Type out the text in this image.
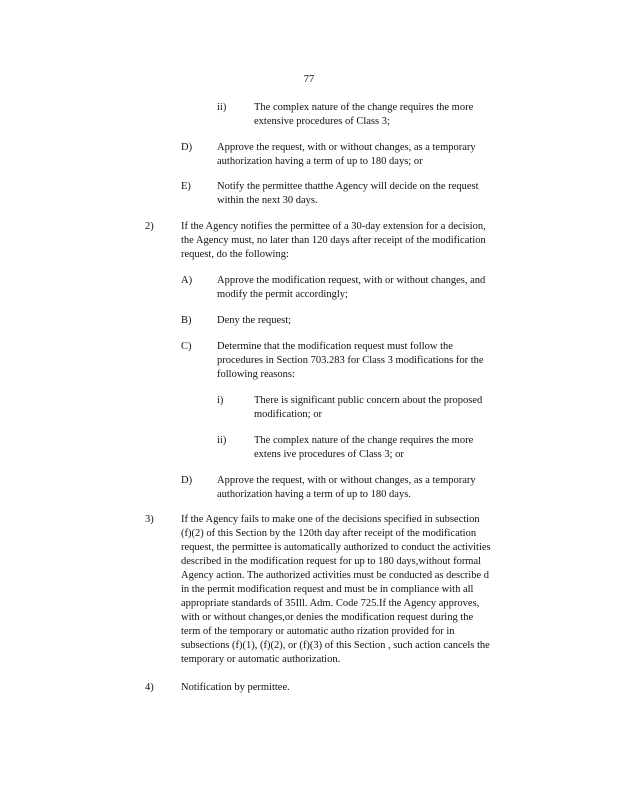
77
ii)	The complex nature of the change requires the more
extensive procedures of Class 3;
D) Approve the request, with or without changes, as a temporary
authorization having a term of up to 180 days; or
E) Notify the permittee thatthe Agency will decide on the request
within the next 30 days.
2)	If the Agency notifies the permittee of a 30-day extension for a decision,
the Agency must, no later than 120 days after receipt of the modification
request, do the following:
A) Approve the modification request, with or without changes, and
modify the permit accordingly;
B) Deny the request;
C) Determine that the modification request must follow the
procedures in Section 703.283 for Class 3 modifications for the
following reasons:
i)	There is significant public concern about the proposed
modification; or
ii)	The complex nature of the change requires the more
extens ive procedures of Class 3; or
D) Approve the request, with or without changes, as a temporary
authorization having a term of up to 180 days.
3)	If the Agency fails to make one of the decisions specified in subsection
(f)(2) of this Section by the 120th day after receipt of the modification
request, the permittee is automatically authorized to conduct the activities
described in the modification request for up to 180 days,without formal
Agency action. The authorized activities must be conducted as describe d
in the permit modification request and must be in compliance with all
appropriate standards of 35Ill. Adm. Code 725.If the Agency approves,
with or without changes,or denies the modification request during the
term of the temporary or automatic autho rization provided for in
subsections (f)(1), (f)(2), or (f)(3) of this Section , such action cancels the
temporary or automatic authorization.
4)	Notification by permittee.
